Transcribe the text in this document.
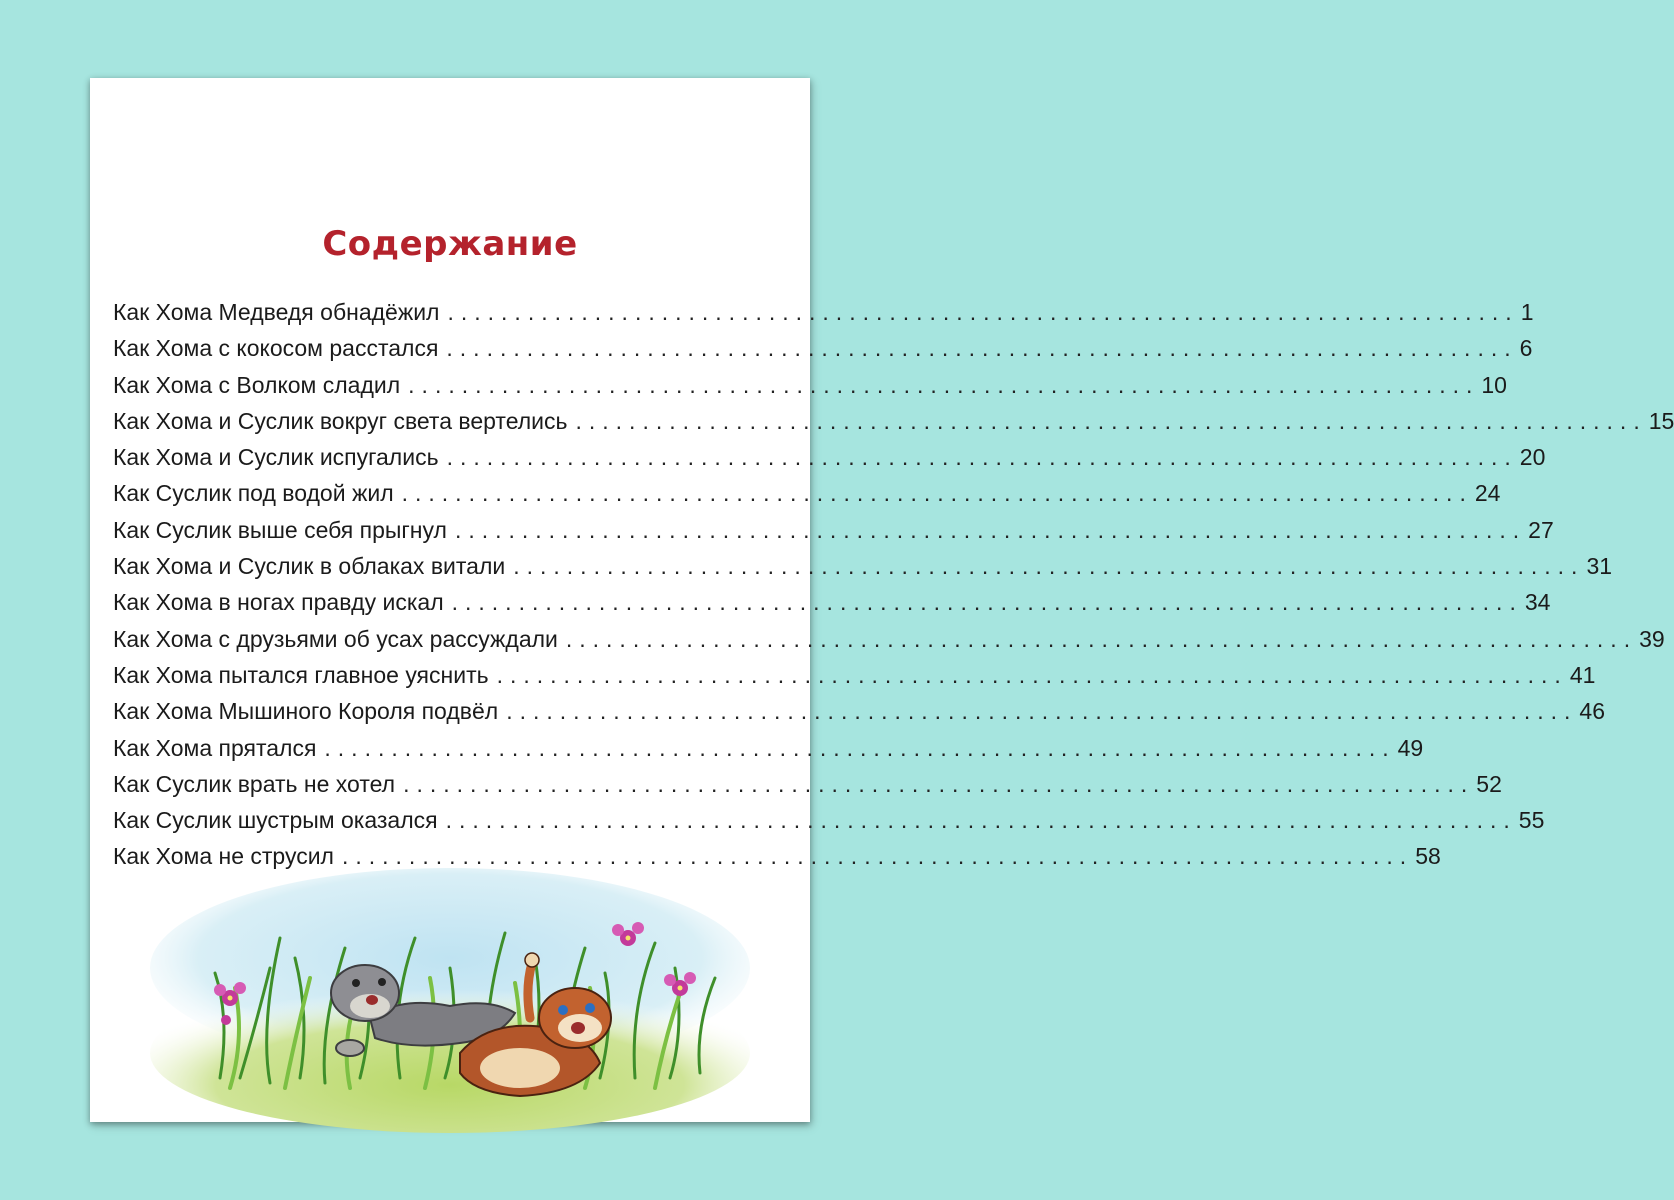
Содержание
Как Хома Медведя обнадёжил ................................................................................ 1
Как Хома с кокосом расстался ................................................................................ 6
Как Хома с Волком сладил ................................................................................ 10
Как Хома и Суслик вокруг света вертелись ................................................................................ 15
Как Хома и Суслик испугались ................................................................................ 20
Как Суслик под водой жил ................................................................................ 24
Как Суслик выше себя прыгнул ................................................................................ 27
Как Хома и Суслик в облаках витали ................................................................................ 31
Как Хома в ногах правду искал ................................................................................ 34
Как Хома с друзьями об усах рассуждали ................................................................................ 39
Как Хома пытался главное уяснить ................................................................................ 41
Как Хома Мышиного Короля подвёл ................................................................................ 46
Как Хома прятался ................................................................................ 49
Как Суслик врать не хотел ................................................................................ 52
Как Суслик шустрым оказался ................................................................................ 55
Как Хома не струсил ................................................................................ 58
